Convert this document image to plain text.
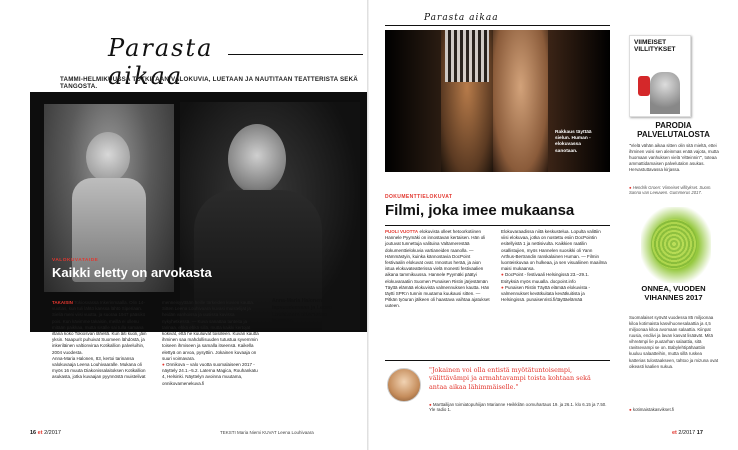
Parasta aikaa
TAMMI-HELMIKUUSSA TUTKITAAN VALOKUVIA, LUETAAN JA NAUTITAAN TEATTERISTA SEKÄ TANGOSTA.
VALOKUVATAIDE
Kaikki eletty on arvokasta
Anna-Maria Halonen lapsuudessaan ja Leena Louhivaara ottamassa kuvassa.
TAKAISIN Tokiosvassa Inkerinmaalla. Olin 14-vuotias, kun tuli lähtö kanssa lähtö Siperiaan. Siellä meni viisi vuotta, ja suoraa 1947 pääsikö pois. Kun kävimme takaisin, meillä ei ollenu mitään paikkaa, mutta sisälle sai tulla samana iltana koko Tokiosvan lähellä. Kun äiti kuoli, jäin yksin. Naapurit puhuivat Suomeen lähdöstä, ja inkeriläinen valtionviraa Kotikallion palveluihin, 2004 vuodesta.
Anna-Maria Halonen, 83, kertoi tarinansa valokuvaaja Leena Louhivaaralle. Mukana oli myös 16 muuta Diakonissalaitoksen Kotikallion asukasta, jotka kuvaajan pyynnöstä muistelivat
menneisyyttään heille tärkeiden kuvien kautta. Sitten Leena Louhivaara kuvasi muistelijat ja heidän vanhoissa ja uusissa kuvissa nykyhetkessä. — Kuva sanattaa tunteita ja tarinaa, ehkä ehkä sillä, mutta kaikki kertojat kokivat, että he kuuluivat toisilleen. Kuvan kautta ihminen saa mahdollisuuden tutustua syvemmin toiseen ihmiseen ja samalla itseensä. Kaikella elettyä on arvoa, pysyttiin. Jokainen kuvaaja on suuri voimavara.
● Onnikova – valo vuotta suomalaiseen 2017 -näyttely 24.1.–5.2. Laterna Magica, Rouhankatu 4, Helsinki. Näyttelyn avoinna muutama, onnikovamenekuva.fi
16 et 2/2017	TEKSTI Maria Niemi KUVAT Leena Louhivaara
Parasta aikaa
Rakkaus täyttää sielun. Human -elokuvassa sanotaan.
DOKUMENTTIELOKUVAT
Filmi, joka imee mukaansa
PUOLI VUOTTA elokuvista olleet hetoorkotiinen Hannele Pyymäki on innostavan kertaisen. Hän oli joutuvat tunnettuja valituina Valtamerestää dokumenttielokuvia vartianeiden raanolla. — Hämmästyin, kuinka kännostavia DocPoint festivaalin elokuvat ovat. Innostus herää, ja aion istua elokuvateatterissa vielä monesti festivaalien aikana tammikuussa. Hannele Pyymäki päätyi elokuvaraatiin Suomen Punaisen Ristin järjestämän Täyttä elämää elokuvista valmennuksen kautta. Hän täytti SPR:n tunnin muutama kuukausi sitten. — Pitkän työuran jälkeen oli haastava vaihtaa ajatukset uuteen.
Elokuvaraadissa niitä keskustelua. Lopulta valittiin viisi elokuvaa, jotka on nostettu esiin DocPointin esitellyistä 1 ja nettisivulta. Kaikkien raatilin osallistujien, myös Hannelen suosikki oli Yann Arthus-Bertrandin ranskalainen Human. — Filmin luonteiskuvaa on hulkeaa, ja sen visualiinen maailma maisi mukaansa.
● DocPoint - festivaali Helsingissä 23.–29.1. Esityksiä myös muualla. docpoint.info
● Punaisen Ristin Täyttä elämää elokuvista -valmennukset kevätkuitata kevätkuitista ja Helsingissä. punaisenristi.fi/täyttäelämää
"Jokainen voi olla entistä myötätuntoisempi, välittävämpi ja armahtavampi toista kohtaan sekä antaa aikaa lähimmäiselle."
● Marttailijan toimiatopuhiijan Marianne Heikkilän oomuhartaus 19. ja 26.1. klo 6.15 ja 7.50. Yle radio 1.
VIIMEISET VILLITYKSET
PARODIA PALVELUTALOSTA
"Vielä vähän aikaa sitten olin sitä mieltä, ettei ihminen voisi sen aleinmas enää vajota, mutta huomaan vanhuksen vielä 'eltteinnin'", toteaa ammattidamaisen palvelutalon asukas. Hervastuttavassa kirjassa.
● Hendrik Groen: Viimeiset villitykset. Suom. Sanna van Leeuwen. Gummerus 2017.
ONNEA, VUODEN VIHANNES 2017
Suomalaiset syövät vuodessa 85 miljoonaa kiloa kotimaista kasvihuonesalaattia ja 4,5 miljoonaa kiloa avomaan salaattia. Kiinpat ruusia, endiivi ja lavan kasvat lisäävät. Mitä vihreämpi lie puutarhan salaattia, sitä ravitsevampi se on. Babylehtipähaattiin kuuluu salaatteihin, mutta sillä ruskea katterias tulostaakseen, tahtoo ja mizuna ovat oikeasti kaalien sukua.
● kotimaistakasvikset.fi
et 2/2017 17
